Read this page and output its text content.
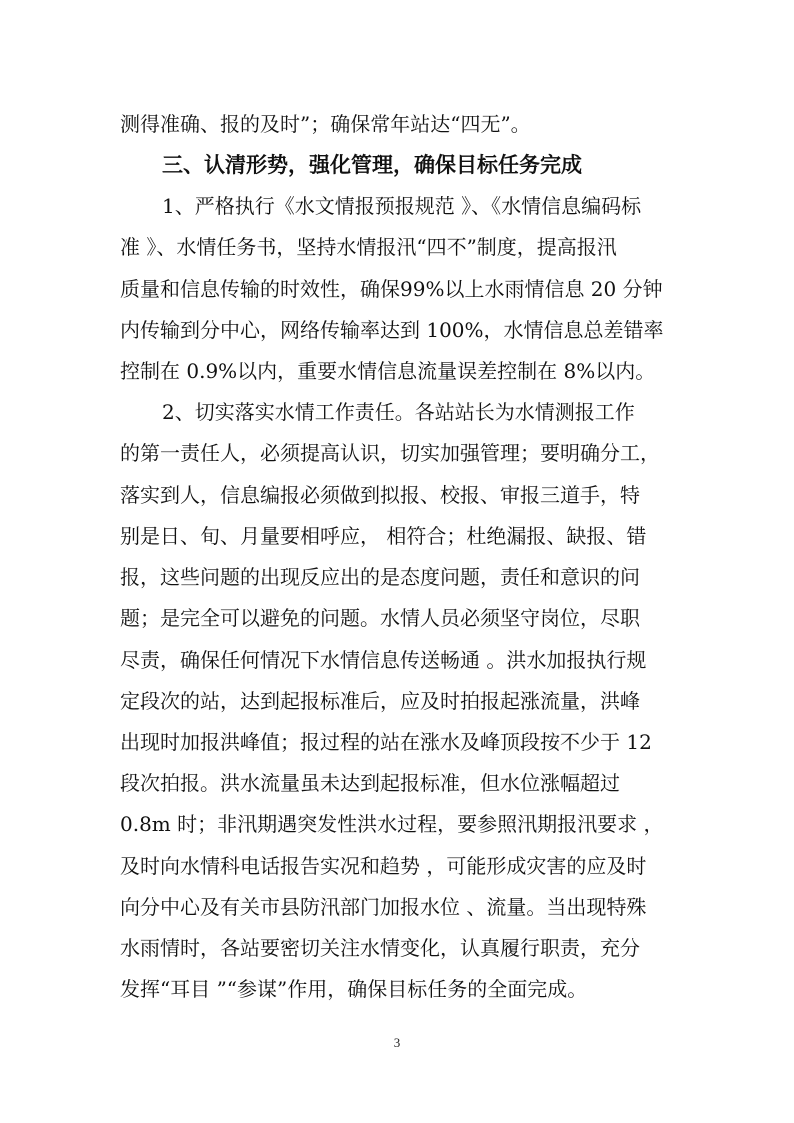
测得准确、报的及时”；确保常年站达“四无”。
三、认清形势，强化管理，确保目标任务完成
1、严格执行《水文情报预报规范 》、《水情信息编码标
准 》、水情任务书，坚持水情报汛“四不”制度，提高报汛
质量和信息传输的时效性，确保99%以上水雨情信息 20 分钟
内传输到分中心，网络传输率达到 100%，水情信息总差错率
控制在 0.9%以内，重要水情信息流量误差控制在 8%以内。
2、切实落实水情工作责任。各站站长为水情测报工作
的第一责任人，必须提高认识，切实加强管理；要明确分工，
落实到人，信息编报必须做到拟报、校报、审报三道手，特
别是日、旬、月量要相呼应， 相符合；杜绝漏报、缺报、错
报，这些问题的出现反应出的是态度问题，责任和意识的问
题；是完全可以避免的问题。水情人员必须坚守岗位，尽职
尽责，确保任何情况下水情信息传送畅通 。洪水加报执行规
定段次的站，达到起报标准后，应及时拍报起涨流量，洪峰
出现时加报洪峰值；报过程的站在涨水及峰顶段按不少于 12
段次拍报。洪水流量虽未达到起报标准，但水位涨幅超过
0.8m 时；非汛期遇突发性洪水过程，要参照汛期报汛要求 ，
及时向水情科电话报告实况和趋势 ，可能形成灾害的应及时
向分中心及有关市县防汛部门加报水位 、流量。当出现特殊
水雨情时，各站要密切关注水情变化，认真履行职责，充分
发挥“耳目 ”“参谋”作用，确保目标任务的全面完成。
3
